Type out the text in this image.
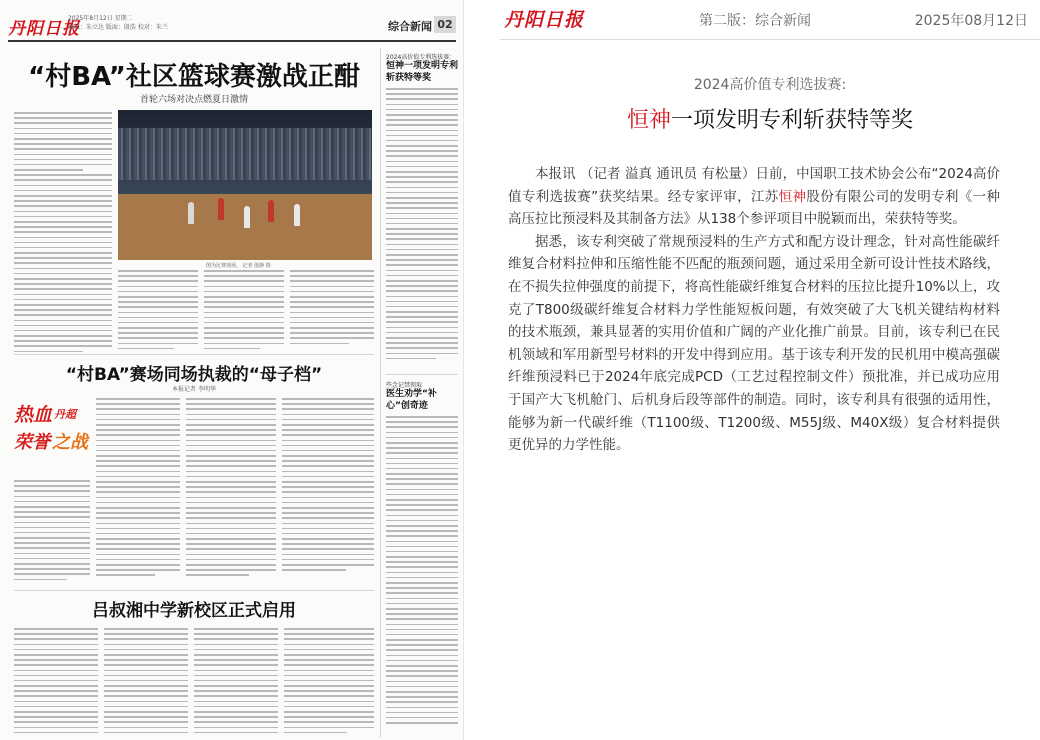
丹阳日报
2025年8月12日 星期二
编辑：朱立达 版面：殷浩 校对：朱兰	综合新闻 02
“村BA”社区篮球赛激战正酣
首轮六场对决点燃夏日激情
图为比赛现场。 记者 殷静 摄
“村BA”赛场同场执裁的“母子档”
本报记者 李明华
热血 丹超
荣誉 之战
吕叔湘中学新校区正式启用
2024高价值专利选拔赛：
恒神一项发明专利斩获特等奖
些念记禁领取
医生劝学“补心”创奇迹
丹阳日报	第二版：综合新闻	2025年08月12日
2024高价值专利选拔赛:
恒神一项发明专利斩获特等奖

本报讯 （记者 溢真 通讯员 有松量）日前，中国职工技术协会公布“2024高价值专利选拔赛”获奖结果。经专家评审，江苏恒神股份有限公司的发明专利《一种高压拉比预浸料及其制备方法》从138个参评项目中脱颖而出，荣获特等奖。

据悉，该专利突破了常规预浸料的生产方式和配方设计理念，针对高性能碳纤维复合材料拉伸和压缩性能不匹配的瓶颈问题，通过采用全新可设计性技术路线，在不损失拉伸强度的前提下，将高性能碳纤维复合材料的压拉比提升10%以上，攻克了T800级碳纤维复合材料力学性能短板问题，有效突破了大飞机关键结构材料的技术瓶颈，兼具显著的实用价值和广阔的产业化推广前景。目前，该专利已在民机领域和军用新型号材料的开发中得到应用。基于该专利开发的民机用中模高强碳纤维预浸料已于2024年底完成PCD（工艺过程控制文件）预批准，并已成功应用于国产大飞机舱门、后机身后段等部件的制造。同时，该专利具有很强的适用性，能够为新一代碳纤维（T1100级、T1200级、M55J级、M40X级）复合材料提供更优异的力学性能。
